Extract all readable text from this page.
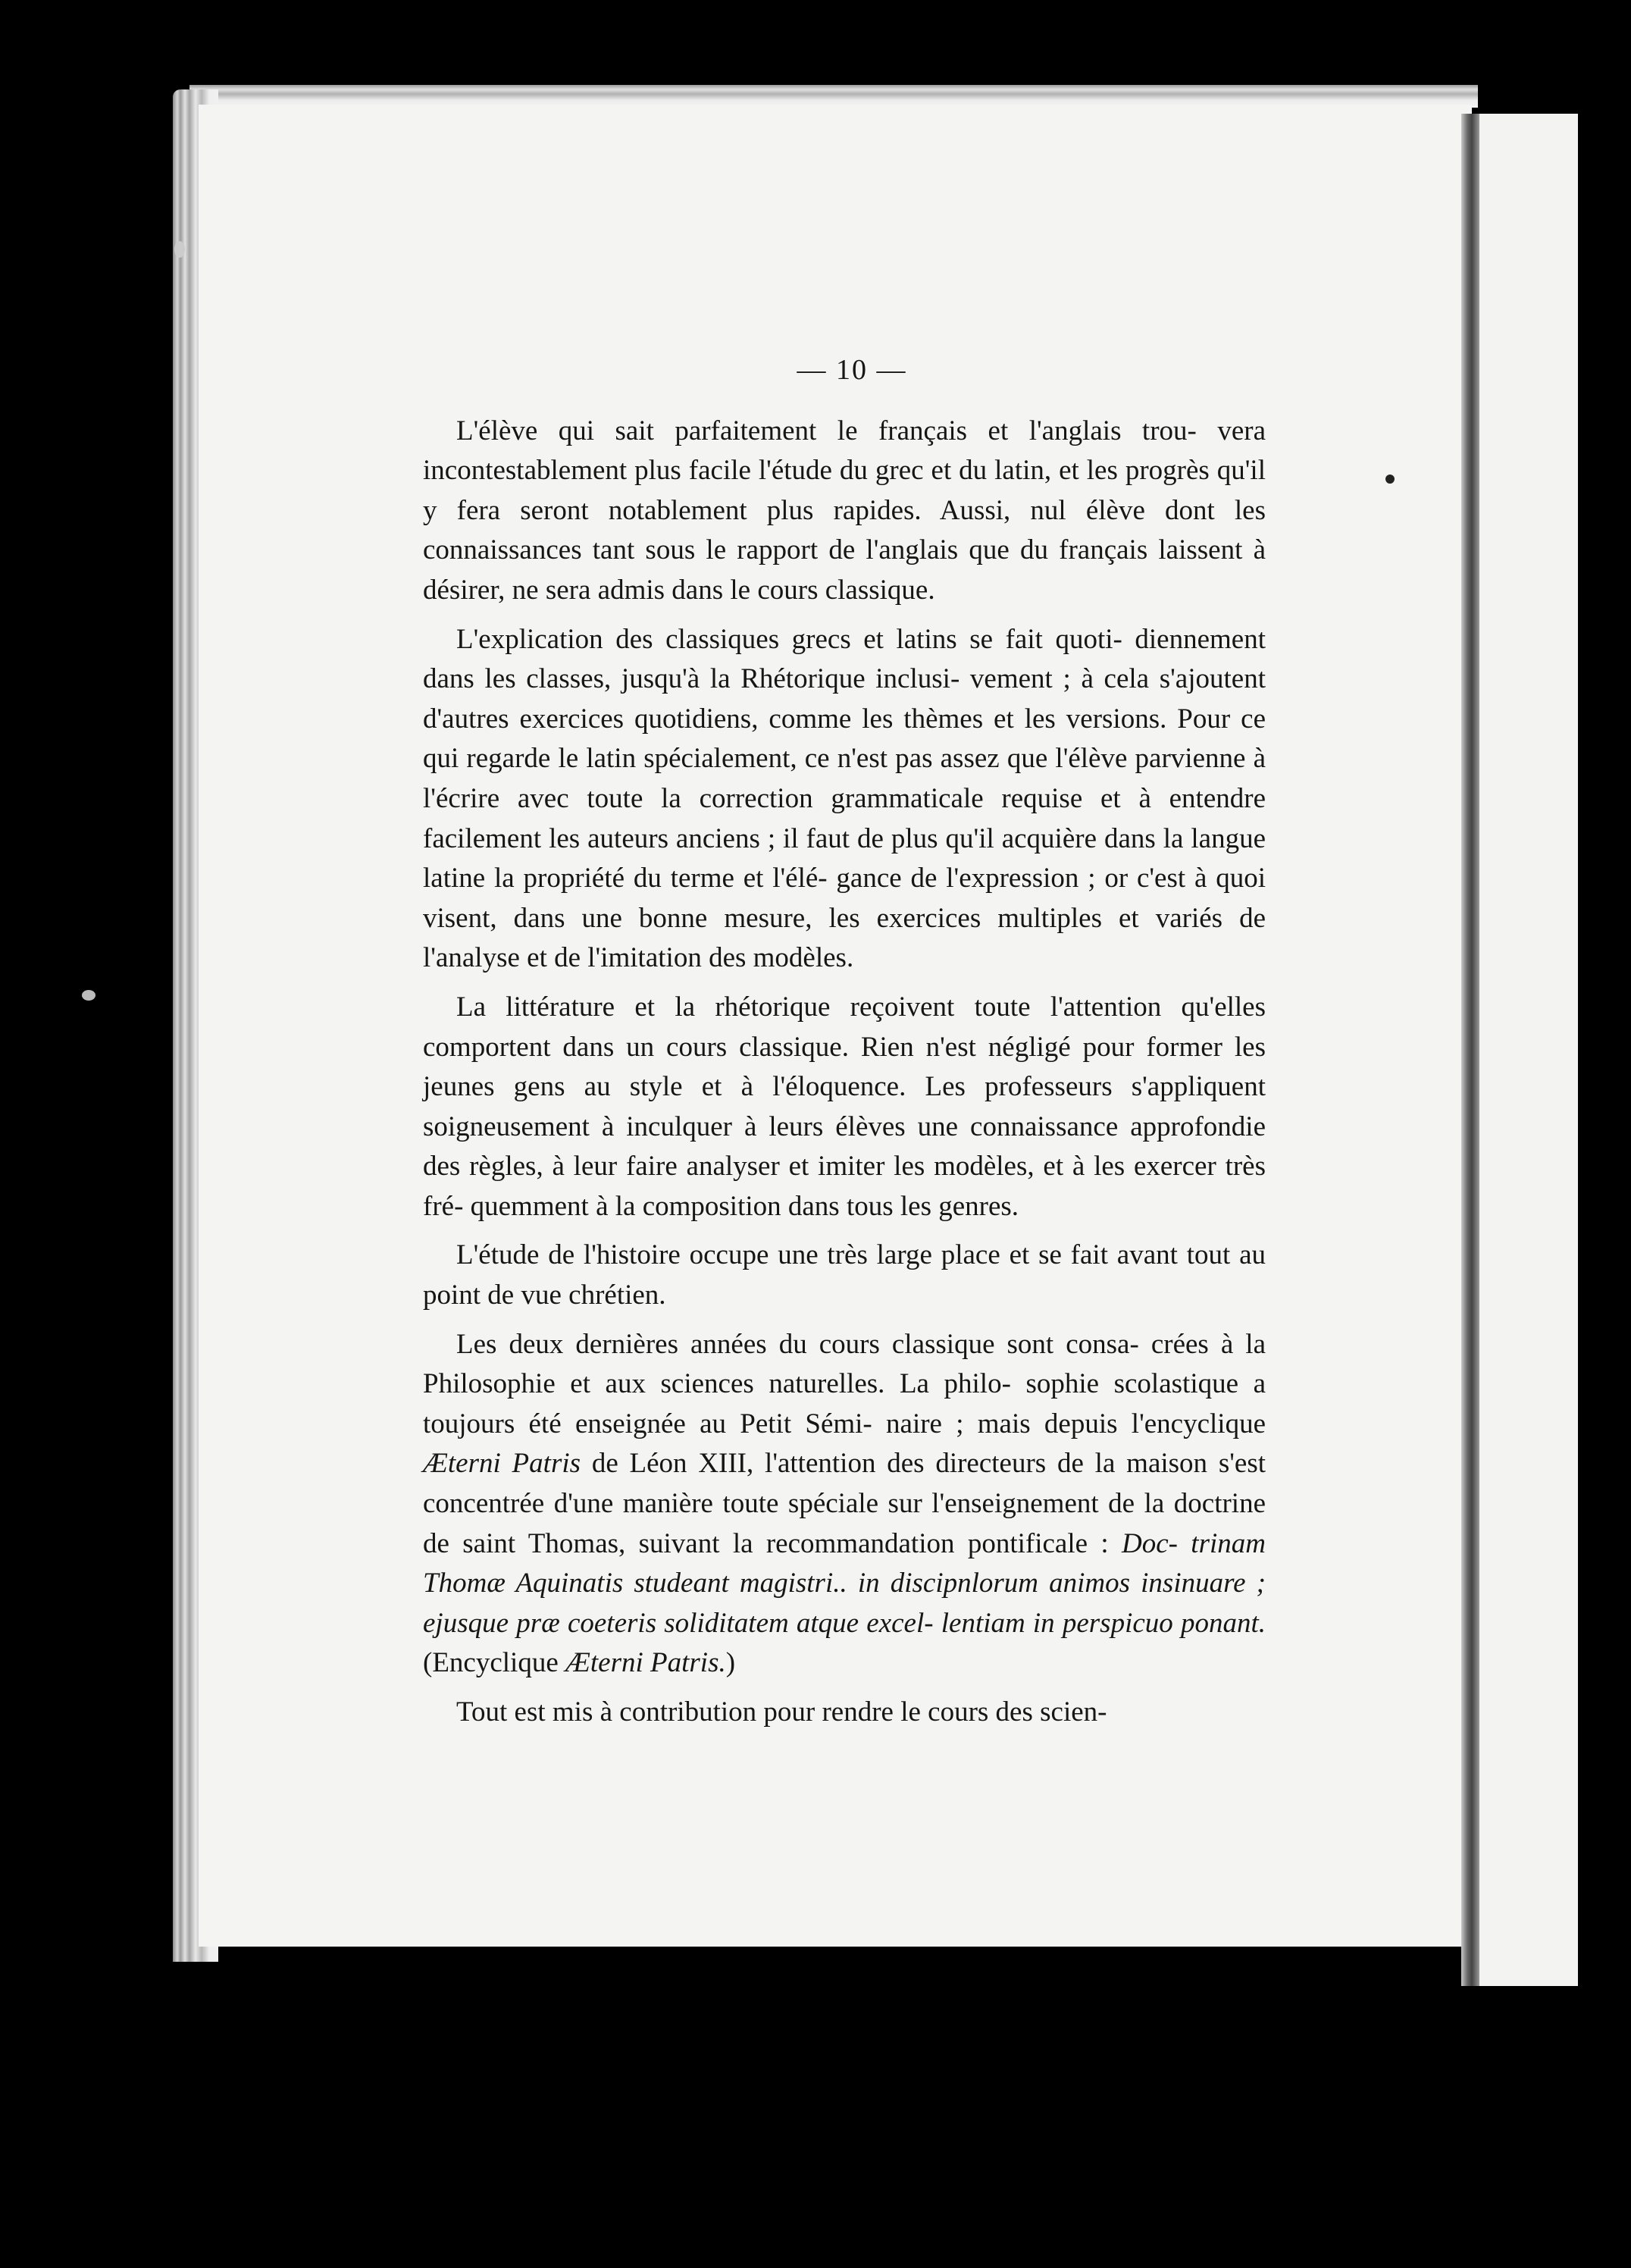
— 10 —

L'élève qui sait parfaitement le français et l'anglais trou- vera incontestablement plus facile l'étude du grec et du latin, et les progrès qu'il y fera seront notablement plus rapides. Aussi, nul élève dont les connaissances tant sous le rapport de l'anglais que du français laissent à désirer, ne sera admis dans le cours classique.

L'explication des classiques grecs et latins se fait quoti- diennement dans les classes, jusqu'à la Rhétorique inclusi- vement ; à cela s'ajoutent d'autres exercices quotidiens, comme les thèmes et les versions. Pour ce qui regarde le latin spécialement, ce n'est pas assez que l'élève parvienne à l'écrire avec toute la correction grammaticale requise et à entendre facilement les auteurs anciens ; il faut de plus qu'il acquière dans la langue latine la propriété du terme et l'élé- gance de l'expression ; or c'est à quoi visent, dans une bonne mesure, les exercices multiples et variés de l'analyse et de l'imitation des modèles.

La littérature et la rhétorique reçoivent toute l'attention qu'elles comportent dans un cours classique. Rien n'est négligé pour former les jeunes gens au style et à l'éloquence. Les professeurs s'appliquent soigneusement à inculquer à leurs élèves une connaissance approfondie des règles, à leur faire analyser et imiter les modèles, et à les exercer très fré- quemment à la composition dans tous les genres.

L'étude de l'histoire occupe une très large place et se fait avant tout au point de vue chrétien.

Les deux dernières années du cours classique sont consa- crées à la Philosophie et aux sciences naturelles. La philo- sophie scolastique a toujours été enseignée au Petit Sémi- naire ; mais depuis l'encyclique Æterni Patris de Léon XIII, l'attention des directeurs de la maison s'est concentrée d'une manière toute spéciale sur l'enseignement de la doctrine de saint Thomas, suivant la recommandation pontificale : Doc- trinam Thomæ Aquinatis studeant magistri.. in discipnlorum animos insinuare ; ejusque præ coeteris soliditatem atque excel- lentiam in perspicuo ponant. (Encyclique Æterni Patris.)

Tout est mis à contribution pour rendre le cours des scien-
